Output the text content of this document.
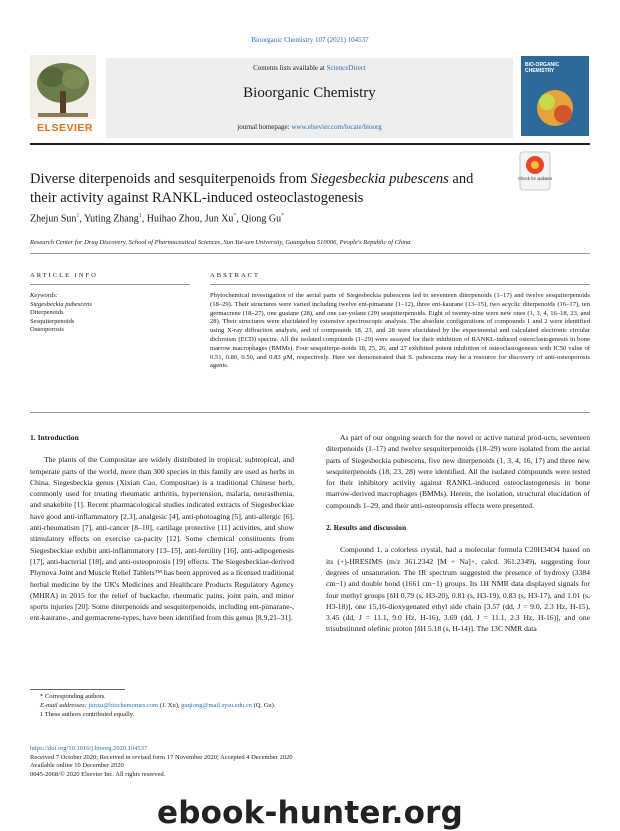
Bioorganic Chemistry 107 (2021) 104537
ELSEVIER
Contents lists available at ScienceDirect
Bioorganic Chemistry
journal homepage: www.elsevier.com/locate/bioorg
BIO-ORGANIC CHEMISTRY
Diverse diterpenoids and sesquiterpenoids from Siegesbeckia pubescens and their activity against RANKL-induced osteoclastogenesis
Check for updates
Zhejun Sun$^1$, Yuting Zhang$^1$, Huihao Zhou, Jun Xu*, Qiong Gu*
Research Center for Drug Discovery, School of Pharmaceutical Sciences, Sun Yat-sen University, Guangzhou 510006, People's Republic of China
ARTICLE INFO	ABSTRACT
Keywords:
Siegesbeckia pubescens
Diterpenoids
Sesquiterpenoids
Osteoporosis
Phytochemical investigation of the aerial parts of Siegesbeckia pubescens led to seventeen diterpenoids (1–17) and twelve sesquiterpenoids (18–29). Their structures were varied including twelve ent-pimarane (1–12), three ent-kaurane (13–15), two acyclic diterpenoids (16–17), ten germacrene (18–27), one guaiane (28), and one car-yolane (29) sesquiterpenoids. Eight of twenty-nine were new ones (1, 3, 4, 16–18, 23, and 28). Their structures were elucidated by extensive spectroscopic analysis. The absolute configurations of compounds 1 and 2 were identified using X-ray diffraction analysis, and of compounds 18, 23, and 28 were elucidated by the experimental and calculated electronic circular dichroism (ECD) spectra. All the isolated compounds (1–29) were assayed for their inhibition of RANKL-induced osteoclastogenesis in bone marrow macrophages (BMMs). Four sesquiterpe-noids 18, 25, 26, and 27 exhibited potent inhibition of osteoclastogenesis with IC50 value of 0.51, 0.80, 0.50, and 0.83 μM, respectively. Here we demonstrated that S. pubescens may be a resource for discovery of anti-osteoporosis agents.
1. Introduction

The plants of the Compositae are widely distributed in tropical, subtropical, and temperate parts of the world, more than 300 species in this family are used as herbs in China. Siegesbeckia genus (Xixian Cao, Compositae) is a traditional Chinese herb, commonly used for treating rheumatic arthritis, hypertension, malaria, neurasthenia, and snakebite [1]. Recent pharmacological studies indicated extracts of Siegesbeckiae have good anti-inflammatory [2,3], analgesic [4], anti-photoaging [5], anti-allergic [6], anti-rheumatism [7], anti-cancer [8–10], cartilage protective [11] activities, and show stimulatory effects on exercise ca-pacity [12]. Some chemical constituents from Siegesbeckiae exhibit anti-inflammatory [13–15], anti-fertility [16], anti-adipogenesis [17], anti-bacterial [18], and anti-osteoporosis [19] effects. The Siegesbeckiae-derived Phynova Joint and Muscle Relief Tablets™ has been approved as a licensed traditional herbal medicine by the UK's Medicines and Healthcare Products Regulatory Agency (MHRA) in 2015 for the relief of backache, rheumatic pains, joint pain, and minor sports injuries [20]. Some diterpenoids and sesquiterpenoids, including ent-pimarane-, ent-kaurane-, and germacrene-types, have been identified from this genus [8,9,21–31].

As part of our ongoing search for the novel or active natural prod-ucts, seventeen diterpenoids (1–17) and twelve sesquiterpenoids (18–29) were isolated from the aerial parts of Siegesbeckia pubescens, five new diterpenoids (1, 3, 4, 16, 17) and three new sesquiterpenoids (18, 23, 28) were identified. All the isolated compounds were tested for their inhibitory activity against RANKL-induced osteoclastogenesis in bone marrow-derived macrophages (BMMs). Herein, the isolation, structural elucidation of compounds 1–29, and their anti-osteoporosis effects were presented.

2. Results and discussion

Compound 1, a colorless crystal, had a molecular formula C20H34O4 based on its (+)-HRESIMS (m/z 361.2342 [M + Na]+, calcd. 361.2349), suggesting four degrees of unsaturation. The IR spectrum suggested the presence of hydroxy (3384 cm−1) and double bond (1661 cm−1) groups. Its 1H NMR data displayed signals for four methyl groups [δH 0.79 (s, H3-20), 0.81 (s, H3-19), 0.83 (s, H3-17), and 1.01 (s, H3-18)], one 15,16-dioxygenated ethyl side chain [3.57 (dd, J = 9.0, 2.3 Hz, H-15), 3.45 (dd, J = 11.1, 9.0 Hz, H-16), 3.69 (dd, J = 11.1, 2.3 Hz, H-16)], and one trisubstituted olefinic proton [δH 5.18 (s, H-14)]. The 13C NMR data

* Corresponding authors.
E-mail addresses: junxu@biochemomes.com (J. Xu), guqiong@mail.sysu.edu.cn (Q. Gu).
1 These authors contributed equally.
https://doi.org/10.1016/j.bioorg.2020.104537
Received 7 October 2020; Received in revised form 17 November 2020; Accepted 4 December 2020
Available online 10 December 2020
0045-2068/© 2020 Elsevier Inc. All rights reserved.
ebook-hunter.org
